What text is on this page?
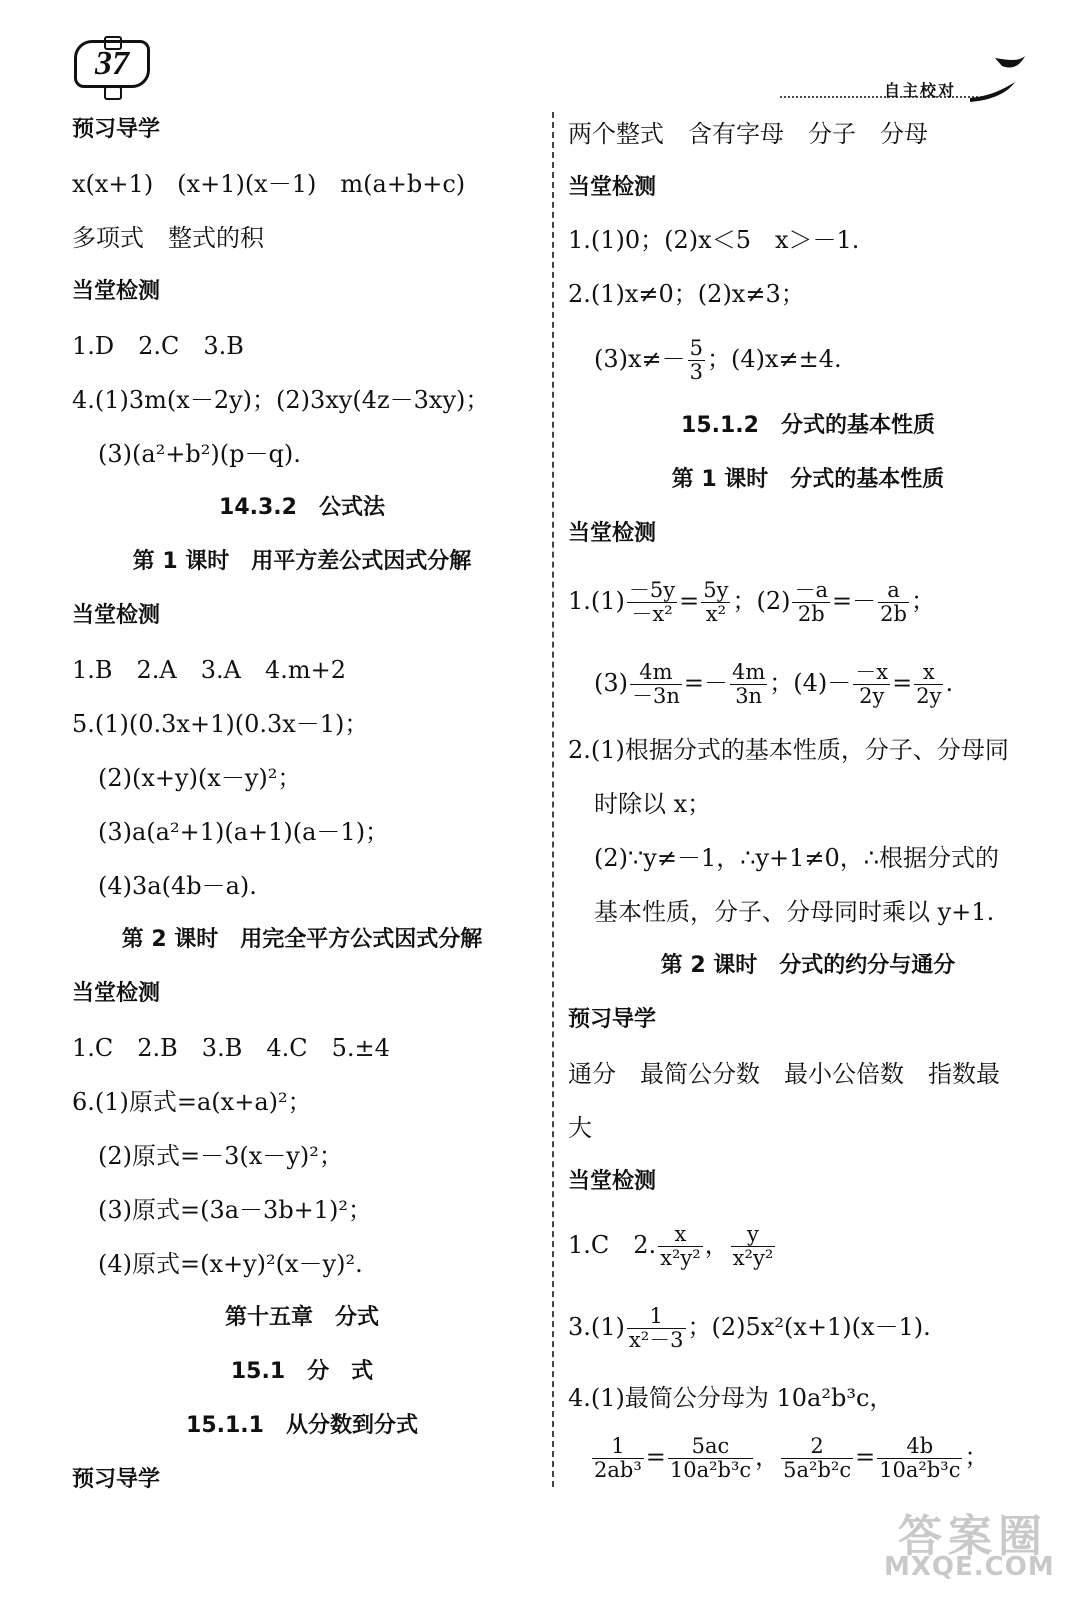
37
自主校对
预习导学
x(x+1)　(x+1)(x－1)　m(a+b+c)
多项式　整式的积
当堂检测
1.D　2.C　3.B
4.(1)3m(x－2y)；(2)3xy(4z－3xy)；
(3)(a²+b²)(p－q).
14.3.2　公式法
第 1 课时　用平方差公式因式分解
当堂检测
1.B　2.A　3.A　4.m+2
5.(1)(0.3x+1)(0.3x－1)；
(2)(x+y)(x－y)²；
(3)a(a²+1)(a+1)(a－1)；
(4)3a(4b－a).
第 2 课时　用完全平方公式因式分解
当堂检测
1.C　2.B　3.B　4.C　5.±4
6.(1)原式=a(x+a)²；
(2)原式=－3(x－y)²；
(3)原式=(3a－3b+1)²；
(4)原式=(x+y)²(x－y)².
第十五章　分式
15.1　分　式
15.1.1　从分数到分式
预习导学
两个整式　含有字母　分子　分母
当堂检测
1.(1)0；(2)x＜5　x＞－1.
2.(1)x≠0；(2)x≠3；
$(3)x\ne- \frac{5}{3}$ ；(4)x≠±4.
15.1.2　分式的基本性质
第 1 课时　分式的基本性质
当堂检测
$1.(1) \frac{-5y}{\text{－x²}} = \frac{5y}{\text{x²}}$ ；$(2) \frac{-a}{2b} =- \frac{a}{2b}$ ；
$(3) \frac{4m}{-3n} =- \frac{4m}{3n}$ ；$(4)- \frac{-x}{2y} = \frac{x}{2y}$ .
2.(1)根据分式的基本性质，分子、分母同
时除以 x；
(2)∵y≠－1，∴y+1≠0，∴根据分式的
基本性质，分子、分母同时乘以 y+1.
第 2 课时　分式的约分与通分
预习导学
通分　最简公分数　最小公倍数　指数最
大
当堂检测
1.C　2. $\frac{x}{\text{x²y²}}$ ， $\frac{y}{\text{x²y²}}$
$3.(1) \frac{1}{\text{x²－3}}$ ；(2)5x²(x+1)(x－1).
4.(1)最简公分母为 10a²b³c，
$\frac{1}{\text{2ab³}} = \frac{5ac}{\text{10a²b³c}}$ ， $\frac{2}{\text{5a²b²c}} = \frac{4b}{\text{10a²b³c}}$ ；
答案圈
MXQE.COM
